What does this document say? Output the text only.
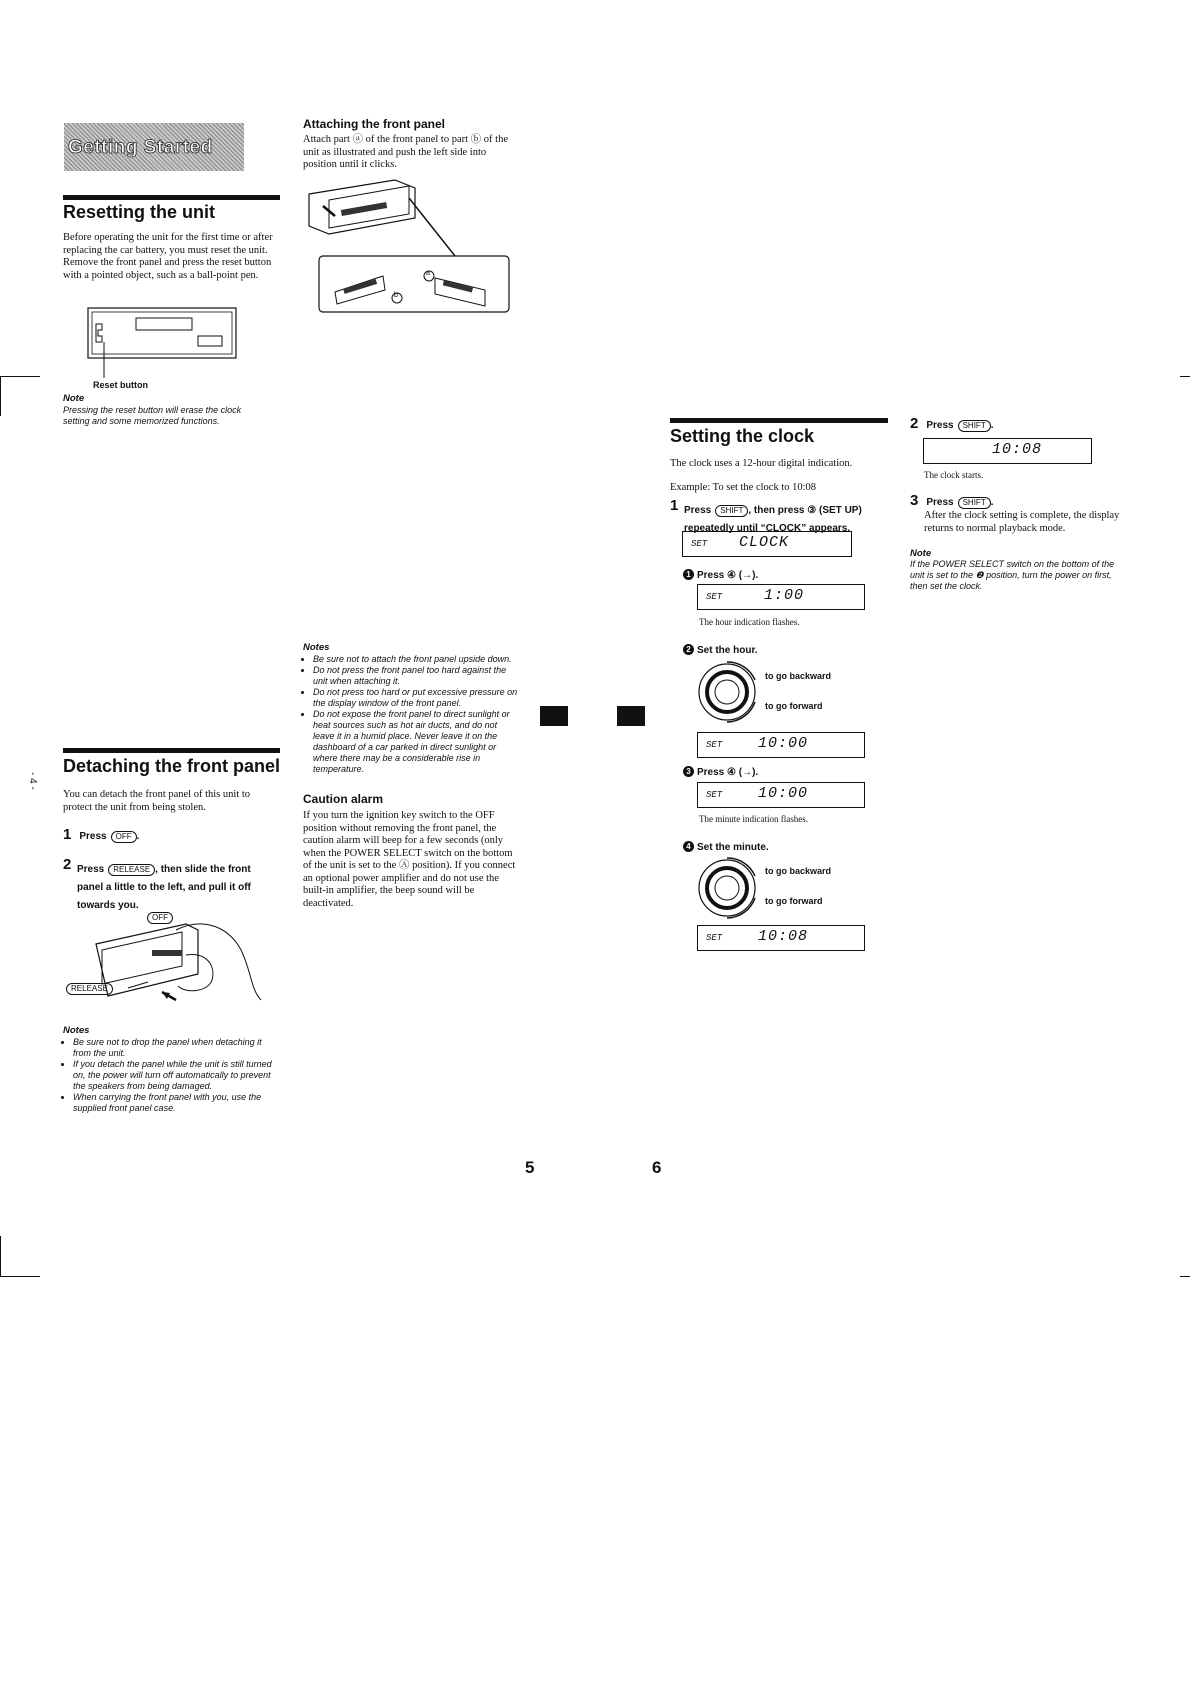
- 4 -
Getting Started
Resetting the unit
Before operating the unit for the first time or after replacing the car battery, you must reset the unit. Remove the front panel and press the reset button with a pointed object, such as a ball-point pen.
Reset button
Note
Pressing the reset button will erase the clock setting and some memorized functions.
Detaching the front panel
You can detach the front panel of this unit to protect the unit from being stolen.
1 Press OFF .
2 Press RELEASE , then slide the front panel a little to the left, and pull it off towards you.
OFF
RELEASE
Notes
• Be sure not to drop the panel when detaching it from the unit.
• If you detach the panel while the unit is still turned on, the power will turn off automatically to prevent the speakers from being damaged.
• When carrying the front panel with you, use the supplied front panel case.
Attaching the front panel
Attach part ⓐ of the front panel to part ⓑ of the unit as illustrated and push the left side into position until it clicks.
a
b
Notes
• Be sure not to attach the front panel upside down.
• Do not press the front panel too hard against the unit when attaching it.
• Do not press too hard or put excessive pressure on the display window of the front panel.
• Do not expose the front panel to direct sunlight or heat sources such as hot air ducts, and do not leave it in a humid place. Never leave it on the dashboard of a car parked in direct sunlight or where there may be a considerable rise in temperature.
Caution alarm
If you turn the ignition key switch to the OFF position without removing the front panel, the caution alarm will beep for a few seconds (only when the POWER SELECT switch on the bottom of the unit is set to the Ⓐ position). If you connect an optional power amplifier and do not use the built-in amplifier, the beep sound will be deactivated.
5	6
Setting the clock
The clock uses a 12-hour digital indication.
Example: To set the clock to 10:08
1 Press SHIFT , then press ③ (SET UP) repeatedly until “CLOCK” appears.
SET CLOCK
1 Press ④ (→).
SET	1:00
The hour indication flashes.
2 Set the hour.
to go backward
to go forward
SET 10:00
3 Press ④ (→).
SET 10:00
The minute indication flashes.
4 Set the minute.
to go backward
to go forward
SET 10:08
2 Press SHIFT .
10:08
The clock starts.
3 Press SHIFT .
After the clock setting is complete, the display returns to normal playback mode.
Note
If the POWER SELECT switch on the bottom of the unit is set to the ❷ position, turn the power on first, then set the clock.
